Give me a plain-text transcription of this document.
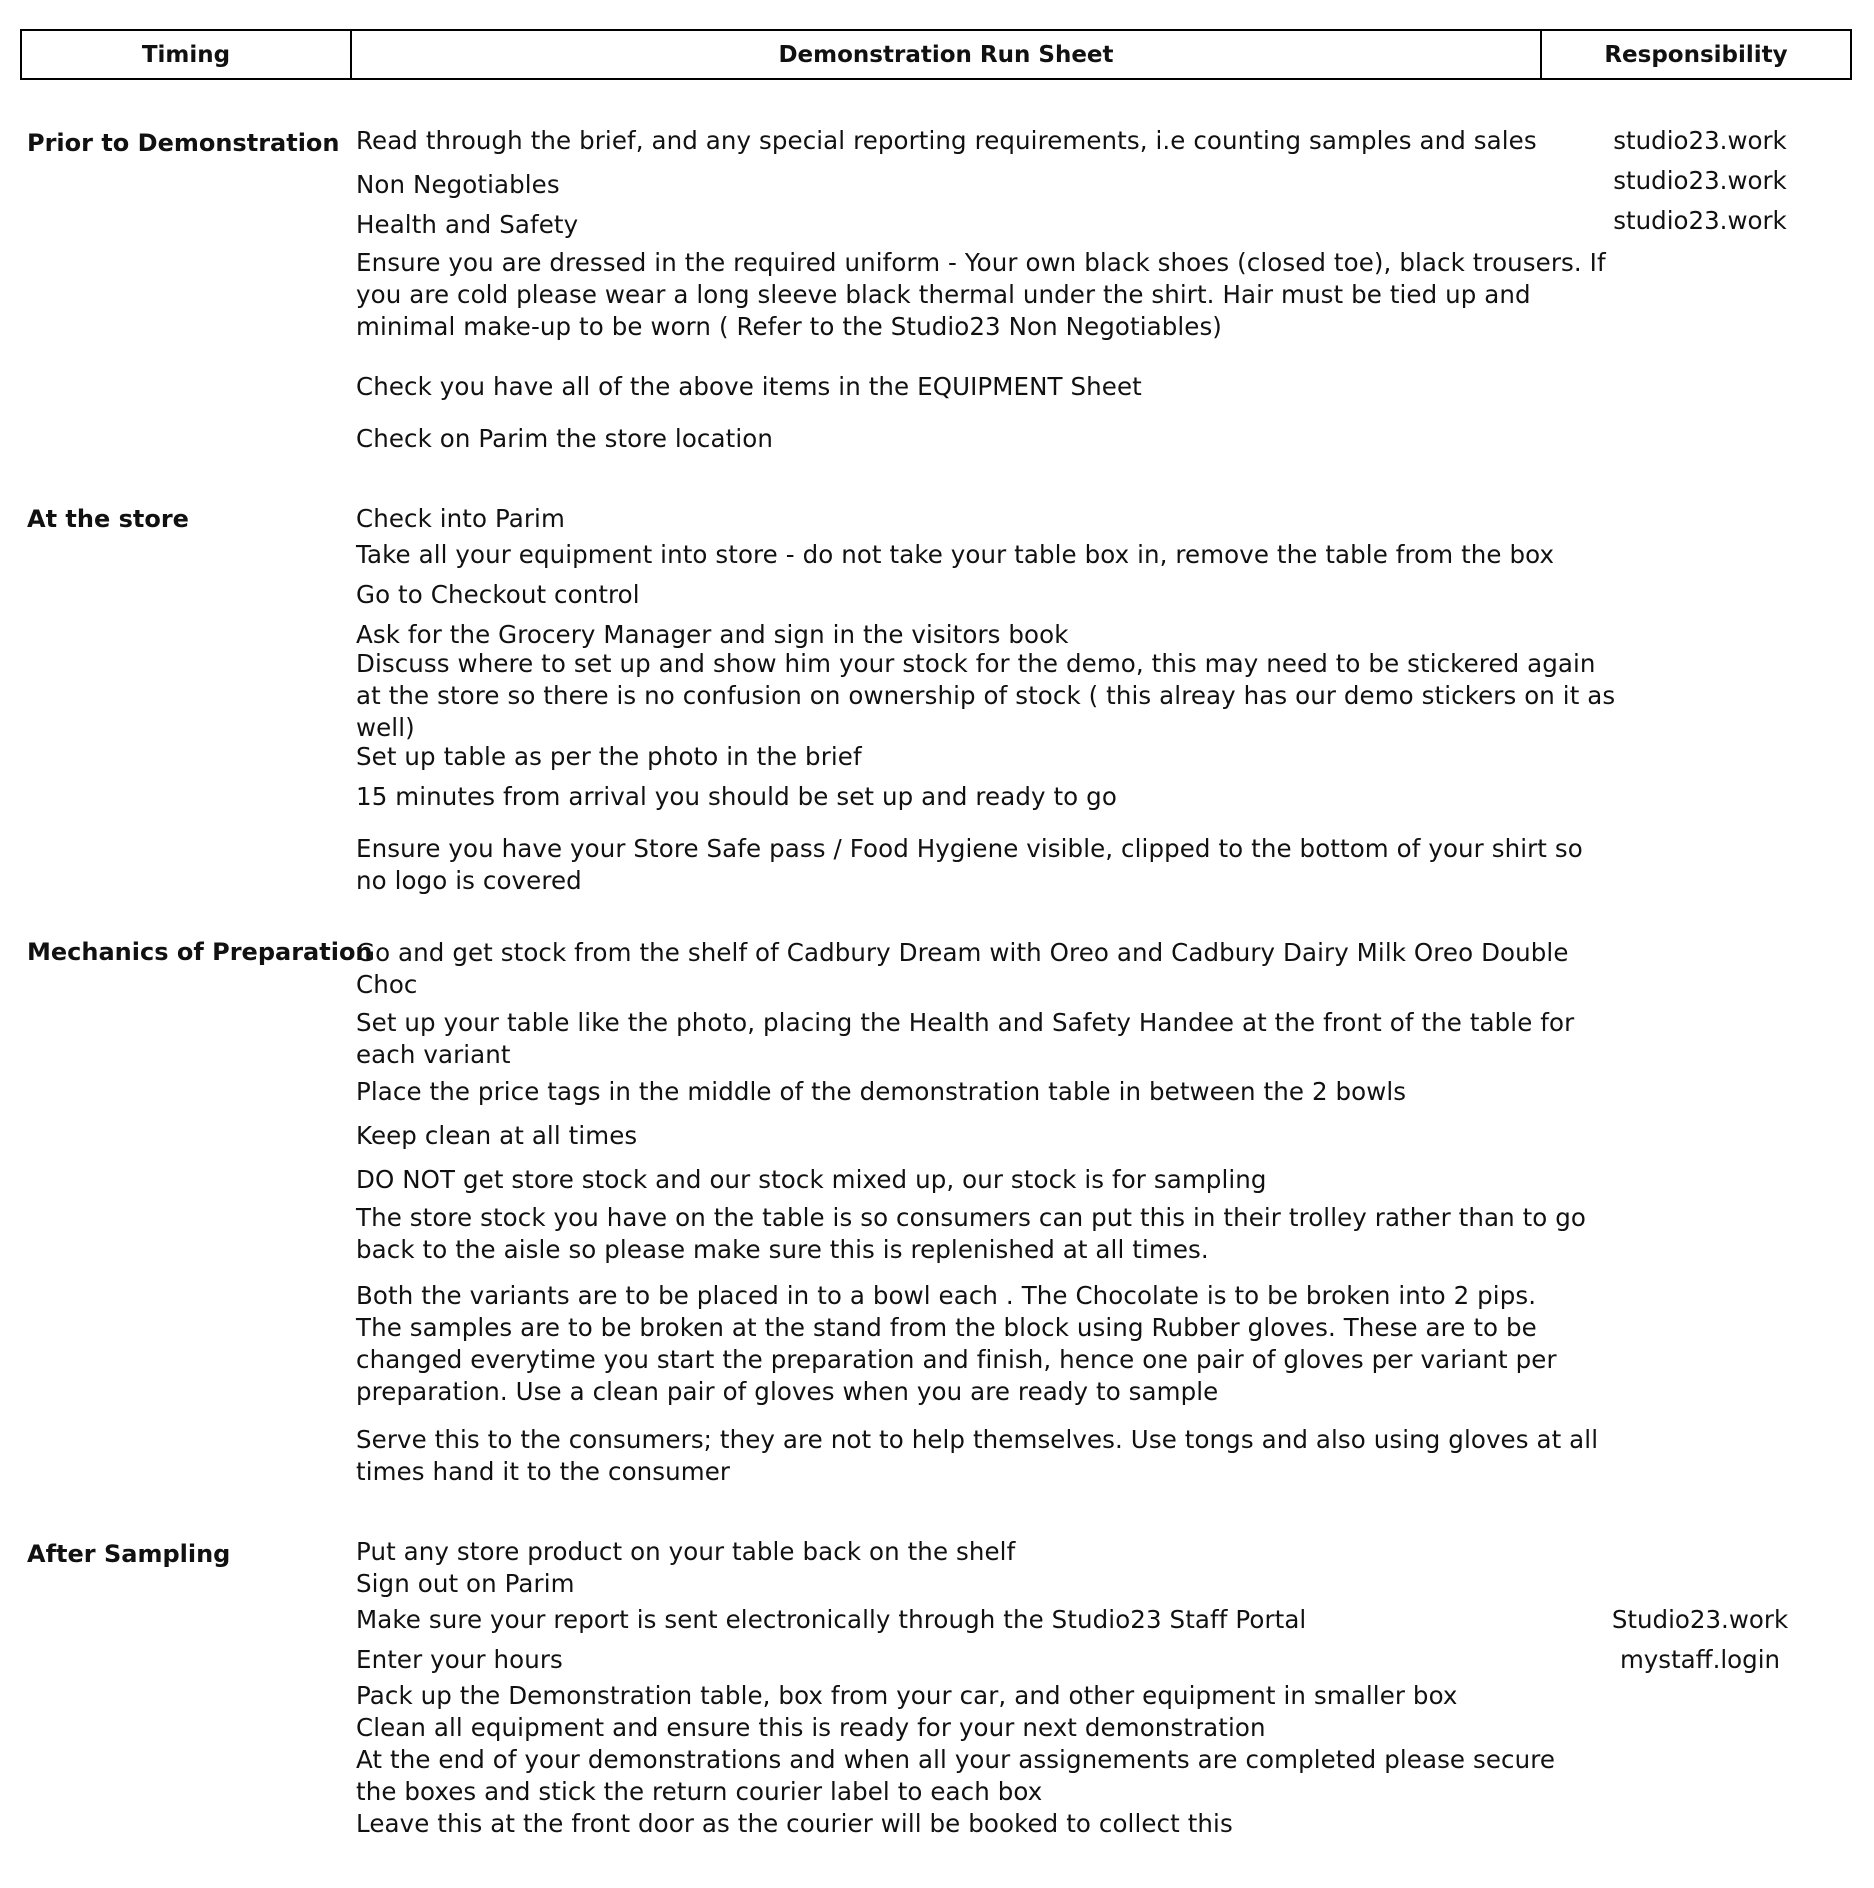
Timing	Demonstration Run Sheet	Responsibility
Prior to Demonstration
At the store
Mechanics of Preparation
After Sampling
Read through the brief, and any special reporting requirements, i.e counting samples and sales
Non Negotiables
Health and Safety
Ensure you are dressed in the required uniform - Your own black shoes (closed toe), black trousers. If
you are cold please wear a long sleeve black thermal under the shirt. Hair must be tied up and
minimal make-up to be worn ( Refer to the Studio23 Non Negotiables)
Check you have all of the above items in the EQUIPMENT Sheet
Check on Parim the store location
Check into Parim
Take all your equipment into store - do not take your table box in, remove the table from the box
Go to Checkout control
Ask for the Grocery Manager and sign in the visitors book
Discuss where to set up and show him your stock for the demo, this may need to be stickered again
at the store so there is no confusion on ownership of stock ( this alreay has our demo stickers on it as
well)
Set up table as per the photo in the brief
15 minutes from arrival you should be set up and ready to go
Ensure you have your Store Safe pass / Food Hygiene visible, clipped to the bottom of your shirt so
no logo is covered
Go and get stock from the shelf of Cadbury Dream with Oreo and Cadbury Dairy Milk Oreo Double
Choc
Set up your table like the photo, placing the Health and Safety Handee at the front of the table for
each variant
Place the price tags in the middle of the demonstration table in between the 2 bowls
Keep clean at all times
DO NOT get store stock and our stock mixed up, our stock is for sampling
The store stock you have on the table is so consumers can put this in their trolley rather than to go
back to the aisle so please make sure this is replenished at all times.
Both the variants are to be placed in to a bowl each . The Chocolate is to be broken into 2 pips.
The samples are to be broken at the stand from the block using Rubber gloves. These are to be
changed everytime you start the preparation and finish, hence one pair of gloves per variant per
preparation. Use a clean pair of gloves when you are ready to sample
Serve this to the consumers; they are not to help themselves. Use tongs and also using gloves at all
times hand it to the consumer
Put any store product on your table back on the shelf
Sign out on Parim
Make sure your report is sent electronically through the Studio23 Staff Portal
Enter your hours
Pack up the Demonstration table, box from your car, and other equipment in smaller box
Clean all equipment and ensure this is ready for your next demonstration
At the end of your demonstrations and when all your assignements are completed please secure
the boxes and stick the return courier label to each box
Leave this at the front door as the courier will be booked to collect this
studio23.work
studio23.work
studio23.work
Studio23.work
mystaff.login
